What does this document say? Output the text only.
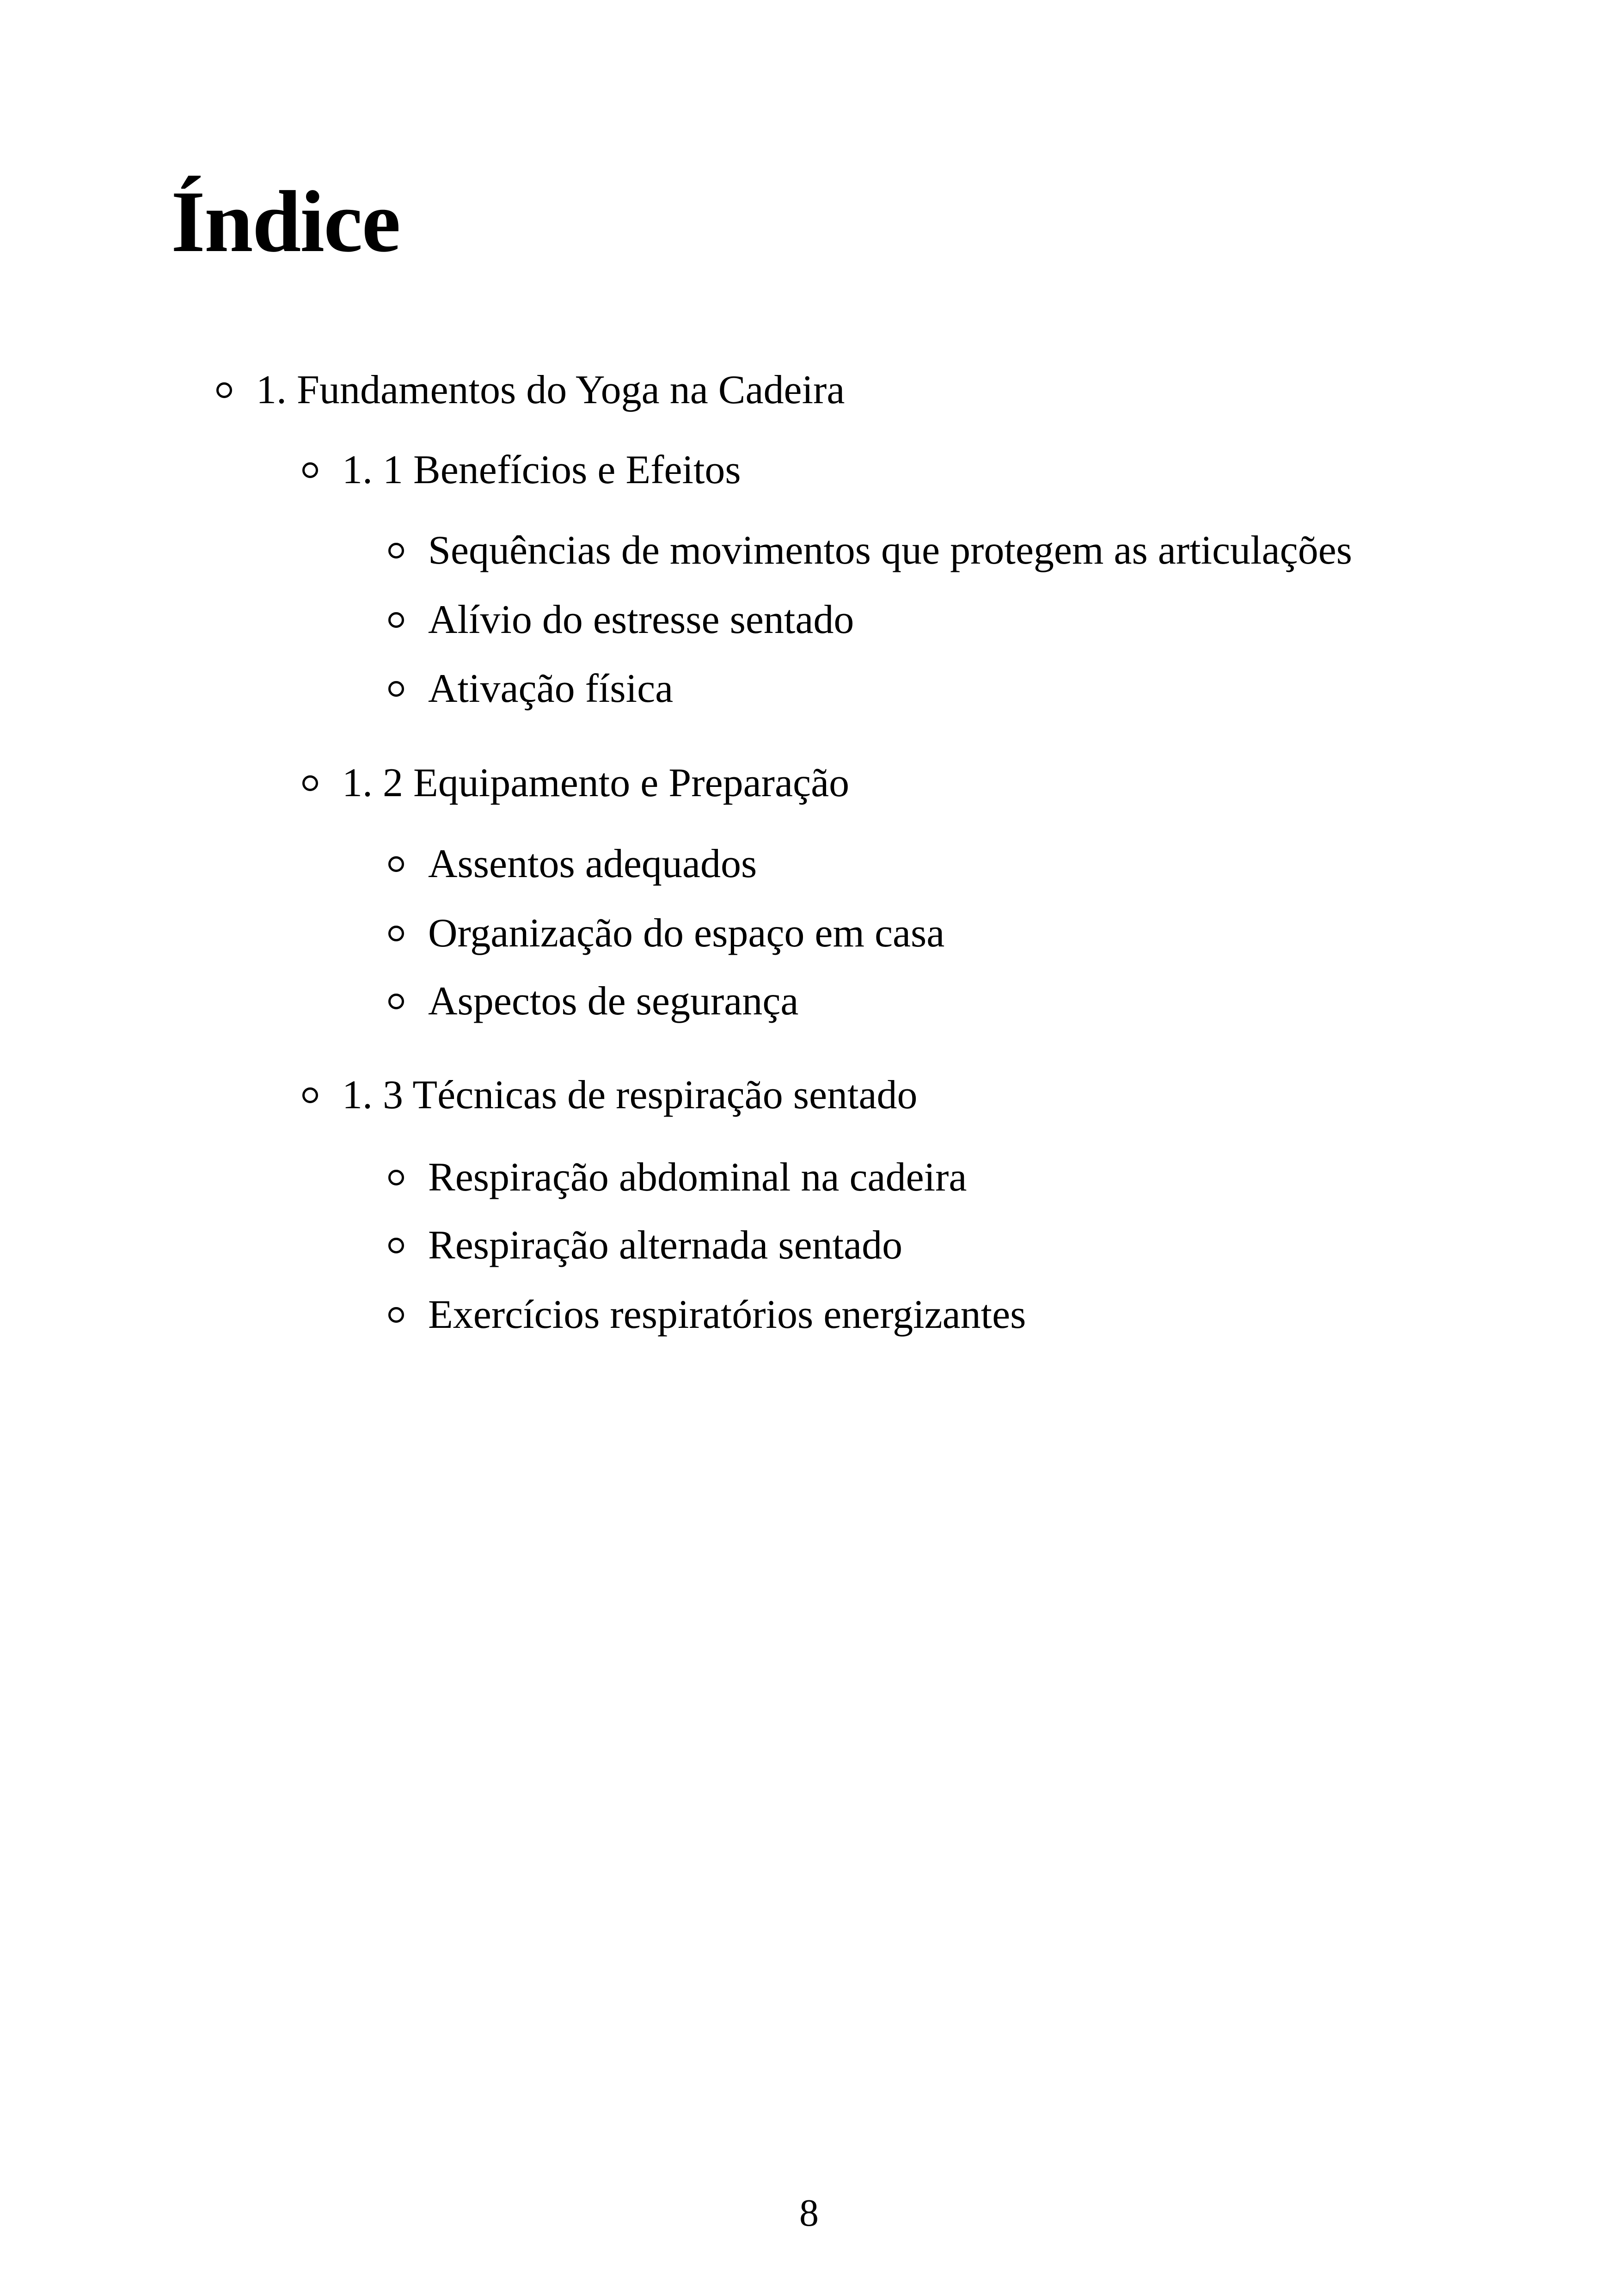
Índice
1. Fundamentos do Yoga na Cadeira
1. 1 Benefícios e Efeitos
Sequências de movimentos que protegem as articulações
Alívio do estresse sentado
Ativação física
1. 2 Equipamento e Preparação
Assentos adequados
Organização do espaço em casa
Aspectos de segurança
1. 3 Técnicas de respiração sentado
Respiração abdominal na cadeira
Respiração alternada sentado
Exercícios respiratórios energizantes
8
